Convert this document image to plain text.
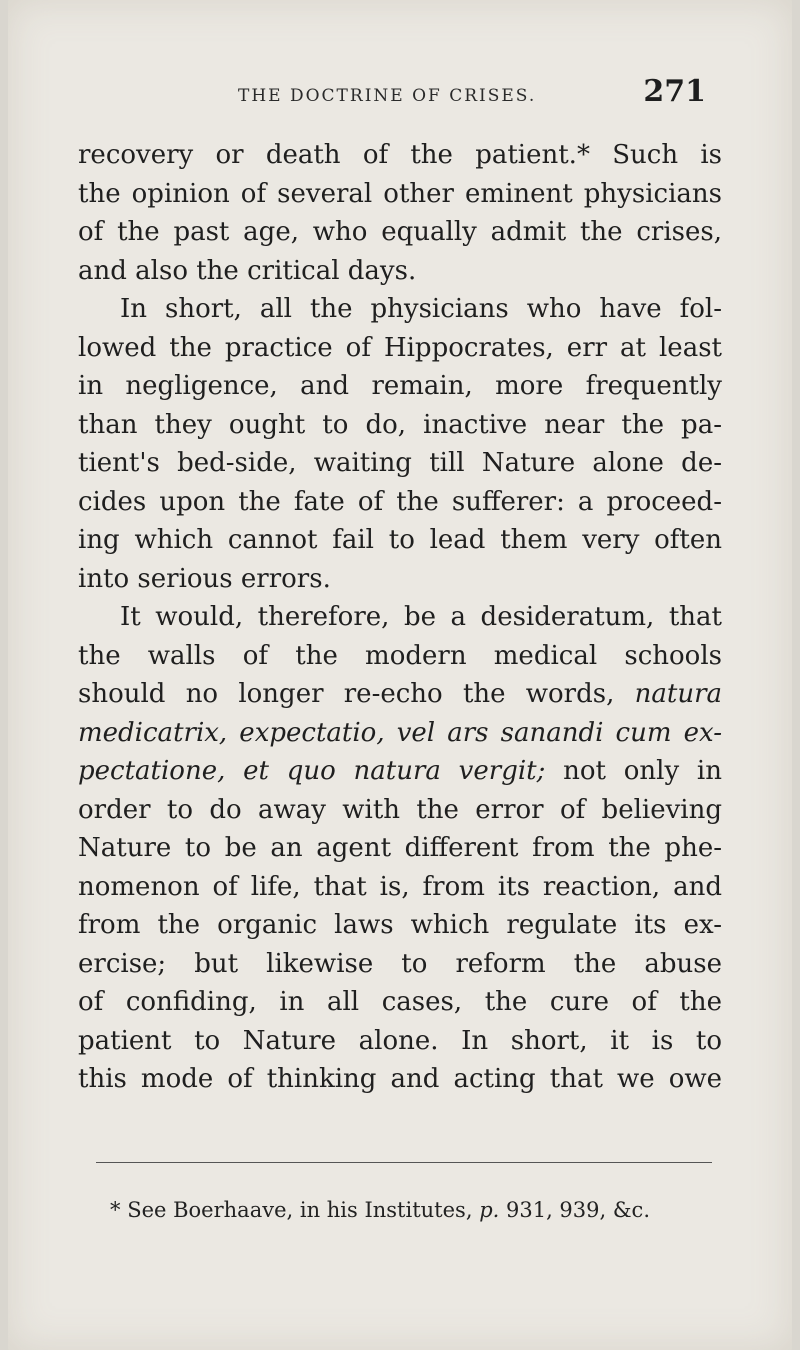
THE DOCTRINE OF CRISES.	271
recovery or death of the patient.* Such is
the opinion of several other eminent physicians
of the past age, who equally admit the crises,
and also the critical days.
In short, all the physicians who have fol-
lowed the practice of Hippocrates, err at least
in negligence, and remain, more frequently
than they ought to do, inactive near the pa-
tient's bed-side, waiting till Nature alone de-
cides upon the fate of the sufferer: a proceed-
ing which cannot fail to lead them very often
into serious errors.
It would, therefore, be a desideratum, that
the walls of the modern medical schools
should no longer re-echo the words, natura
medicatrix, expectatio, vel ars sanandi cum ex-
pectatione, et quo natura vergit; not only in
order to do away with the error of believing
Nature to be an agent different from the phe-
nomenon of life, that is, from its reaction, and
from the organic laws which regulate its ex-
ercise; but likewise to reform the abuse
of confiding, in all cases, the cure of the
patient to Nature alone. In short, it is to
this mode of thinking and acting that we owe
* See Boerhaave, in his Institutes, p. 931, 939, &c.
